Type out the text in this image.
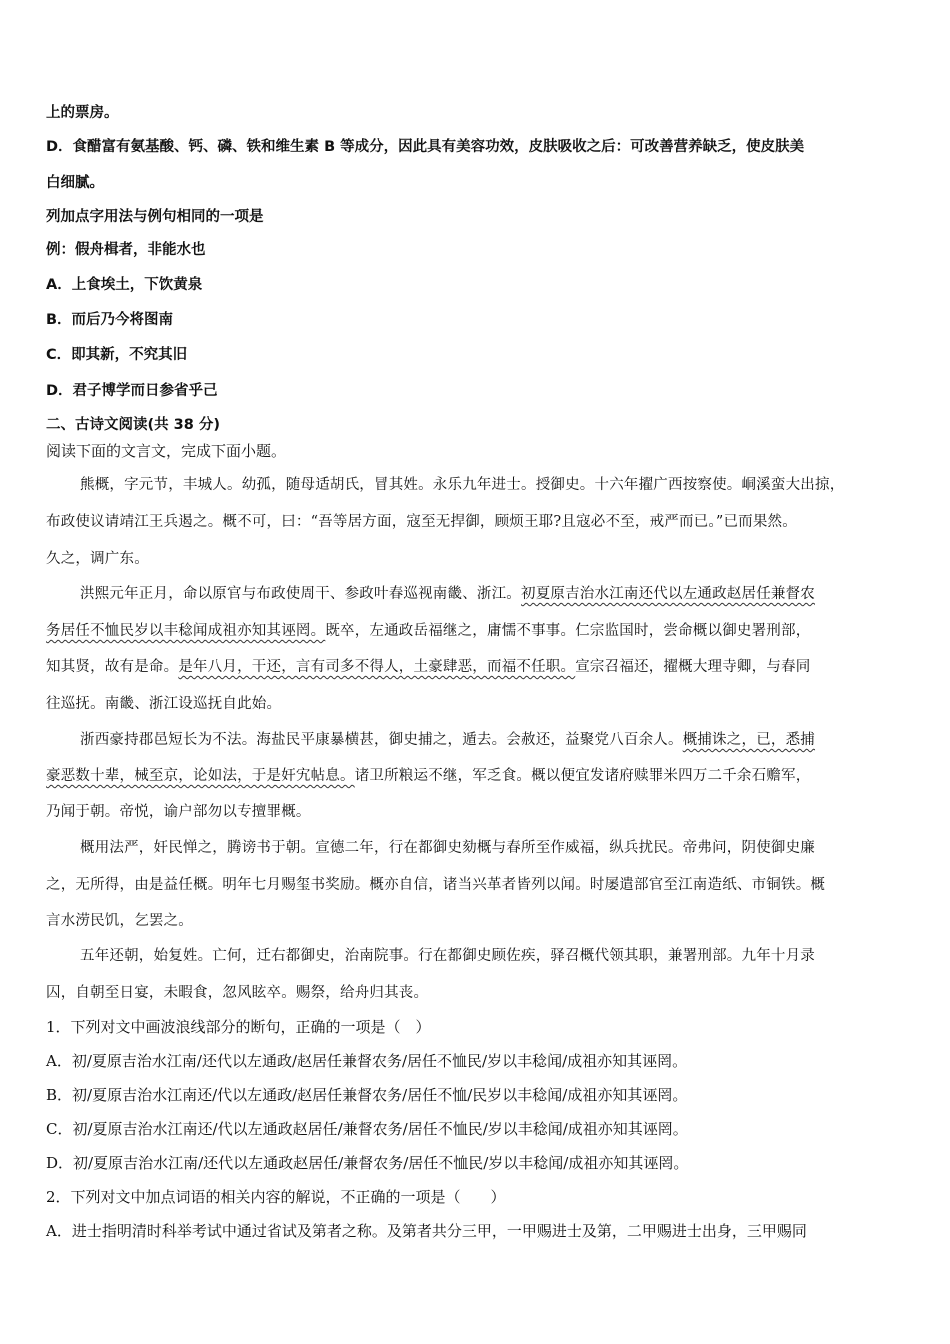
上的票房。
D．食醋富有氨基酸、钙、磷、铁和维生素 B 等成分，因此具有美容功效，皮肤吸收之后：可改善营养缺乏，使皮肤美
白细腻。
列加点字用法与例句相同的一项是
例：假舟楫者，非能水也
A．上食埃土，下饮黄泉
B．而后乃今将图南
C．即其新，不究其旧
D．君子博学而日参省乎己
二、古诗文阅读(共 38 分)
阅读下面的文言文，完成下面小题。
熊概，字元节，丰城人。幼孤，随母适胡氏，冒其姓。永乐九年进士。授御史。十六年擢广西按察使。峒溪蛮大出掠，
布政使议请靖江王兵遏之。概不可，曰：“吾等居方面，寇至无捍御，顾烦王耶?且寇必不至，戒严而已。”已而果然。
久之，调广东。
洪熙元年正月，命以原官与布政使周干、参政叶春巡视南畿、浙江。初夏原吉治水江南还代以左通政赵居任兼督农
务居任不恤民岁以丰稔闻成祖亦知其诬罔。既卒，左通政岳福继之，庸懦不事事。仁宗监国时，尝命概以御史署刑部，
知其贤，故有是命。是年八月，干还，言有司多不得人，土豪肆恶，而福不任职。宣宗召福还，擢概大理寺卿，与春同
往巡抚。南畿、浙江设巡抚自此始。
浙西豪持郡邑短长为不法。海盐民平康暴横甚，御史捕之，遁去。会赦还，益聚党八百余人。概捕诛之，已，悉捕
豪恶数十辈，械至京，论如法，于是奸宄帖息。诸卫所粮运不继，军乏食。概以便宜发诸府赎罪米四万二千余石赡军，
乃闻于朝。帝悦，谕户部勿以专擅罪概。
概用法严，奸民惮之，腾谤书于朝。宣德二年，行在都御史劾概与春所至作威福，纵兵扰民。帝弗问，阴使御史廉
之，无所得，由是益任概。明年七月赐玺书奖励。概亦自信，诸当兴革者皆列以闻。时屡遣部官至江南造纸、市铜铁。概
言水涝民饥，乞罢之。
五年还朝，始复姓。亡何，迁右都御史，治南院事。行在都御史顾佐疾，驿召概代领其职，兼署刑部。九年十月录
囚，自朝至日宴，未暇食，忽风眩卒。赐祭，给舟归其丧。
1．下列对文中画波浪线部分的断句，正确的一项是（　）
A．初/夏原吉治水江南/还代以左通政/赵居任兼督农务/居任不恤民/岁以丰稔闻/成祖亦知其诬罔。
B．初/夏原吉治水江南还/代以左通政/赵居任兼督农务/居任不恤/民岁以丰稔闻/成祖亦知其诬罔。
C．初/夏原吉治水江南还/代以左通政赵居任/兼督农务/居任不恤民/岁以丰稔闻/成祖亦知其诬罔。
D．初/夏原吉治水江南/还代以左通政赵居任/兼督农务/居任不恤民/岁以丰稔闻/成祖亦知其诬罔。
2．下列对文中加点词语的相关内容的解说，不正确的一项是（　　）
A．进士指明清时科举考试中通过省试及第者之称。及第者共分三甲，一甲赐进士及第，二甲赐进士出身，三甲赐同
